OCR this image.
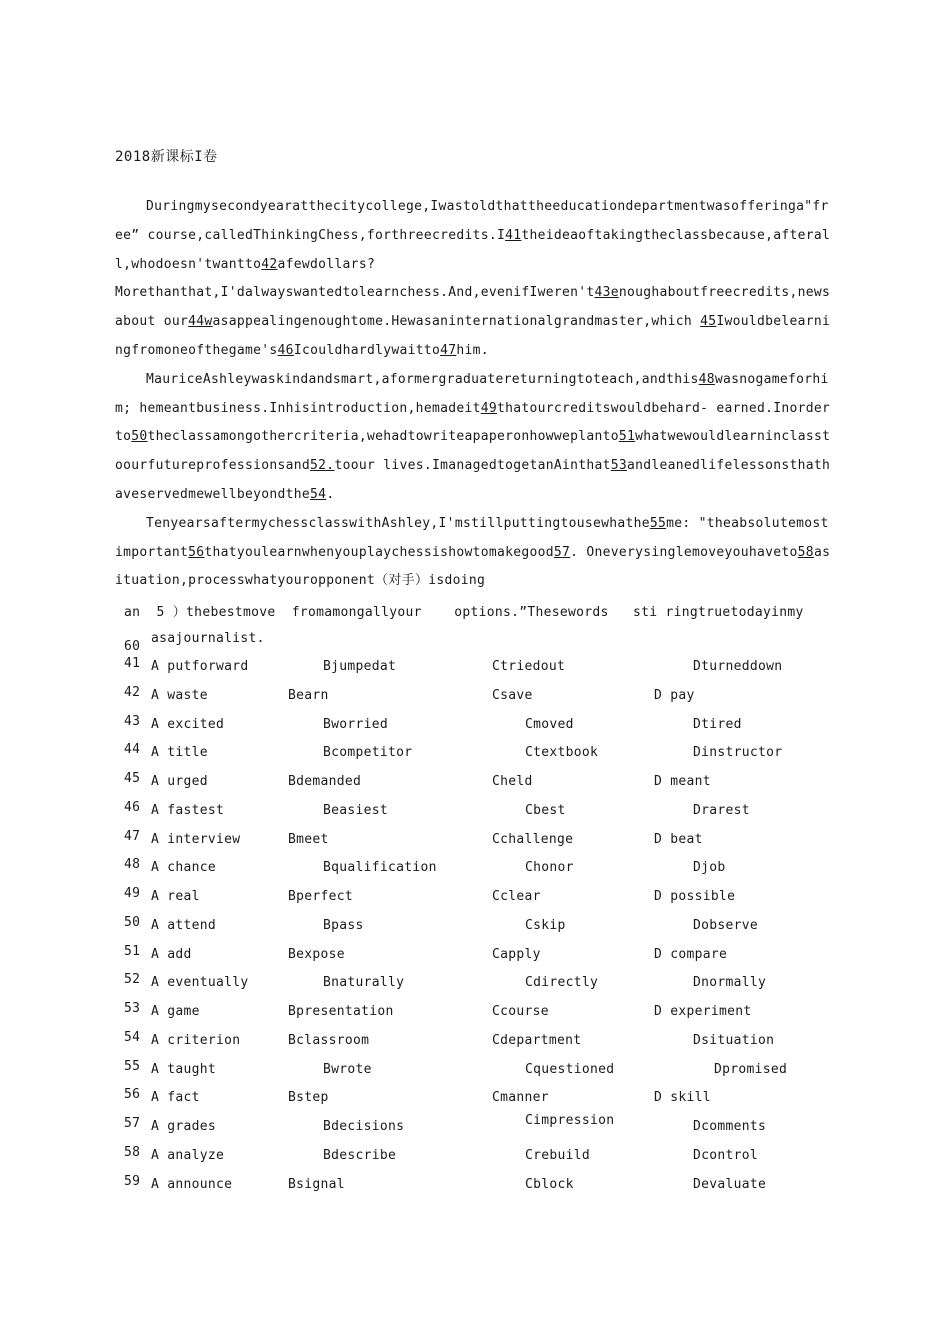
2018新课标I卷

Duringmysecondyearatthecitycollege,Iwastoldthattheeducationdepartmentwasofferinga"free” course,calledThinkingChess,forthreecredits.I41theideaoftakingtheclassbecause,afterall,whodoesn'twantto42afewdollars?

Morethanthat,I'dalwayswantedtolearnchess.And,evenifIweren't43enoughaboutfreecredits,newsabout our44wasappealingenoughtome.Hewasaninternationalgrandmaster,which 45Iwouldbelearningfromoneofthegame's46Icouldhardlywaitto47him.

MauriceAshleywaskindandsmart,aformergraduatereturningtoteach,andthis48wasnogameforhim; hemeantbusiness.Inhisintroduction,hemadeit49thatourcreditswouldbehard- earned.Inorderto50theclassamongothercriteria,wehadtowriteapaperonhowweplanto51whatwewouldlearninclasstoourfutureprofessionsand52.toour lives.ImanagedtogetanAinthat53andleanedlifelessonsthathaveservedmewellbeyondthe54.

TenyearsaftermychessclasswithAshley,I'mstillputtingtousewhathe55me: "theabsolutemostimportant56thatyoulearnwhenyouplaychessishowtomakegood57. Oneverysinglemoveyouhaveto58asituation,processwhatyouropponent（对手）isdoing

an  5 ）thebestmove  fromamongallyour    options.”Thesewords   sti ringtruetodayinmy
60
asajournalist.
41 A putforward	Bjumpedat	Ctriedout	Dturneddown
42 A waste	Bearn	Csave	D pay
43 A excited	Bworried	Cmoved	Dtired
44 A title	Bcompetitor	Ctextbook	Dinstructor
45 A urged	Bdemanded	Cheld	D meant
46 A fastest	Beasiest	Cbest	Drarest
47 A interview	Bmeet	Cchallenge	D beat
48 A chance	Bqualification	Chonor	Djob
49 A real	Bperfect	Cclear	D possible
50 A attend	Bpass	Cskip	Dobserve
51 A add	Bexpose	Capply	D compare
52 A eventually	Bnaturally	Cdirectly	Dnormally
53 A game	Bpresentation	Ccourse	D experiment
54 A criterion	Bclassroom	Cdepartment	Dsituation
55 A taught	Bwrote	Cquestioned	Dpromised
56 A fact	Bstep	Cmanner	D skill
57 A grades	Bdecisions	Cimpression	Dcomments
58 A analyze	Bdescribe	Crebuild	Dcontrol
59 A announce	Bsignal	Cblock	Devaluate
